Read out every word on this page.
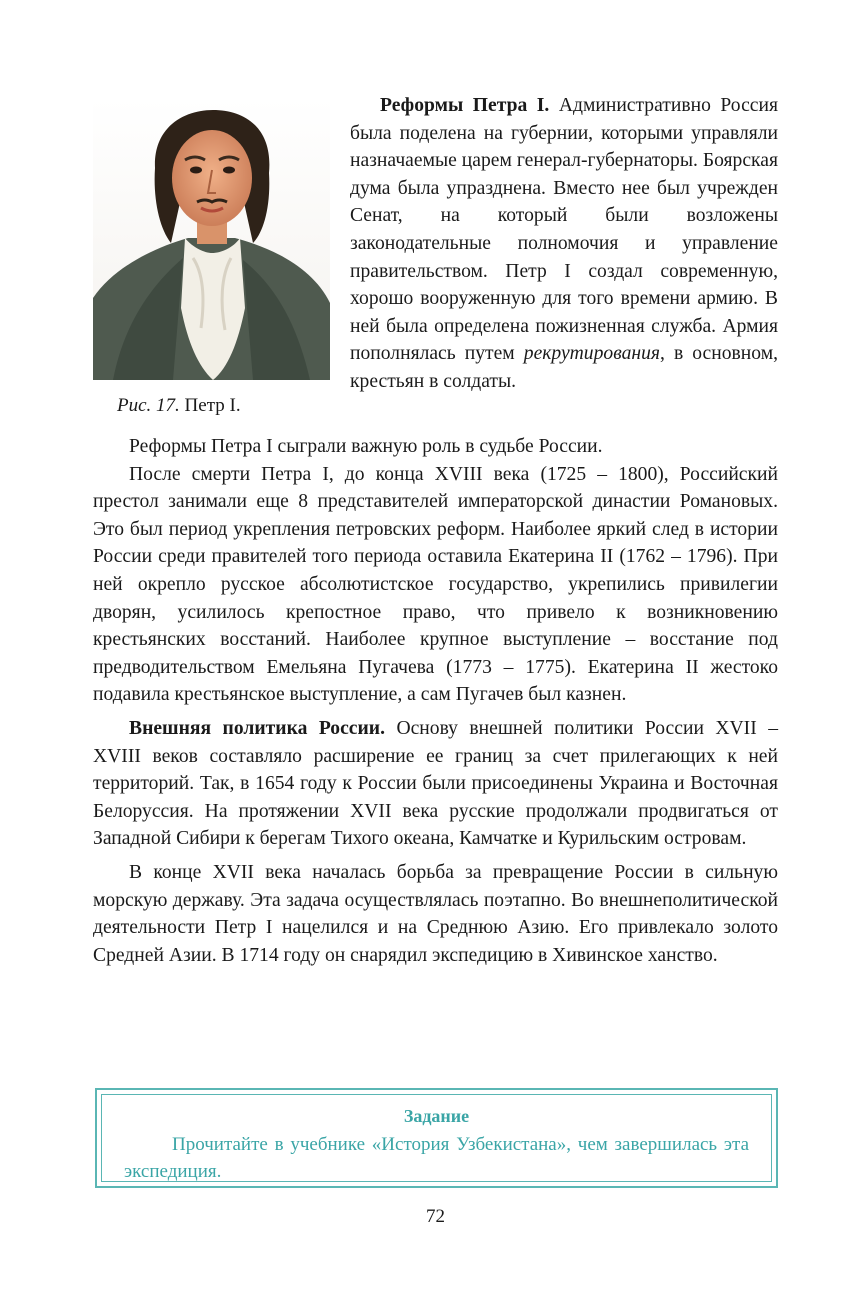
Рис. 17. Петр I.

Реформы Петра I. Административно Россия была поделена на губернии, которыми управляли назначаемые царем генерал-губернаторы. Боярская дума была упразднена. Вместо нее был учрежден Сенат, на который были возложены законодательные полномочия и управление правительством. Петр I создал современную, хорошо вооруженную для того времени армию. В ней была определена пожизненная служба. Армия пополнялась путем рекрутирования, в основном, крестьян в солдаты.

Реформы Петра I сыграли важную роль в судьбе России.

После смерти Петра I, до конца XVIII века (1725 – 1800), Российский престол занимали еще 8 представителей императорской династии Романовых. Это был период укрепления петровских реформ. Наиболее яркий след в истории России среди правителей того периода оставила Екатерина II (1762 – 1796). При ней окрепло русское абсолютистское государство, укрепились привилегии дворян, усилилось крепостное право, что привело к возникновению крестьянских восстаний. Наиболее крупное выступление – восстание под предводительством Емельяна Пугачева (1773 – 1775). Екатерина II жестоко подавила крестьянское выступление, а сам Пугачев был казнен.

Внешняя политика России. Основу внешней политики России XVII – XVIII веков составляло расширение ее границ за счет прилегающих к ней территорий. Так, в 1654 году к России были присоединены Украина и Восточная Белоруссия. На протяжении XVII века русские продолжали продвигаться от Западной Сибири к берегам Тихого океана, Камчатке и Курильским островам.

В конце XVII века началась борьба за превращение России в сильную морскую державу. Эта задача осуществлялась поэтапно. Во внешнеполитической деятельности Петр I нацелился и на Среднюю Азию. Его привлекало золото Средней Азии. В 1714 году он снарядил экспедицию в Хивинское ханство.

Задание
Прочитайте в учебнике «История Узбекистана», чем завершилась эта экспедиция.
72
